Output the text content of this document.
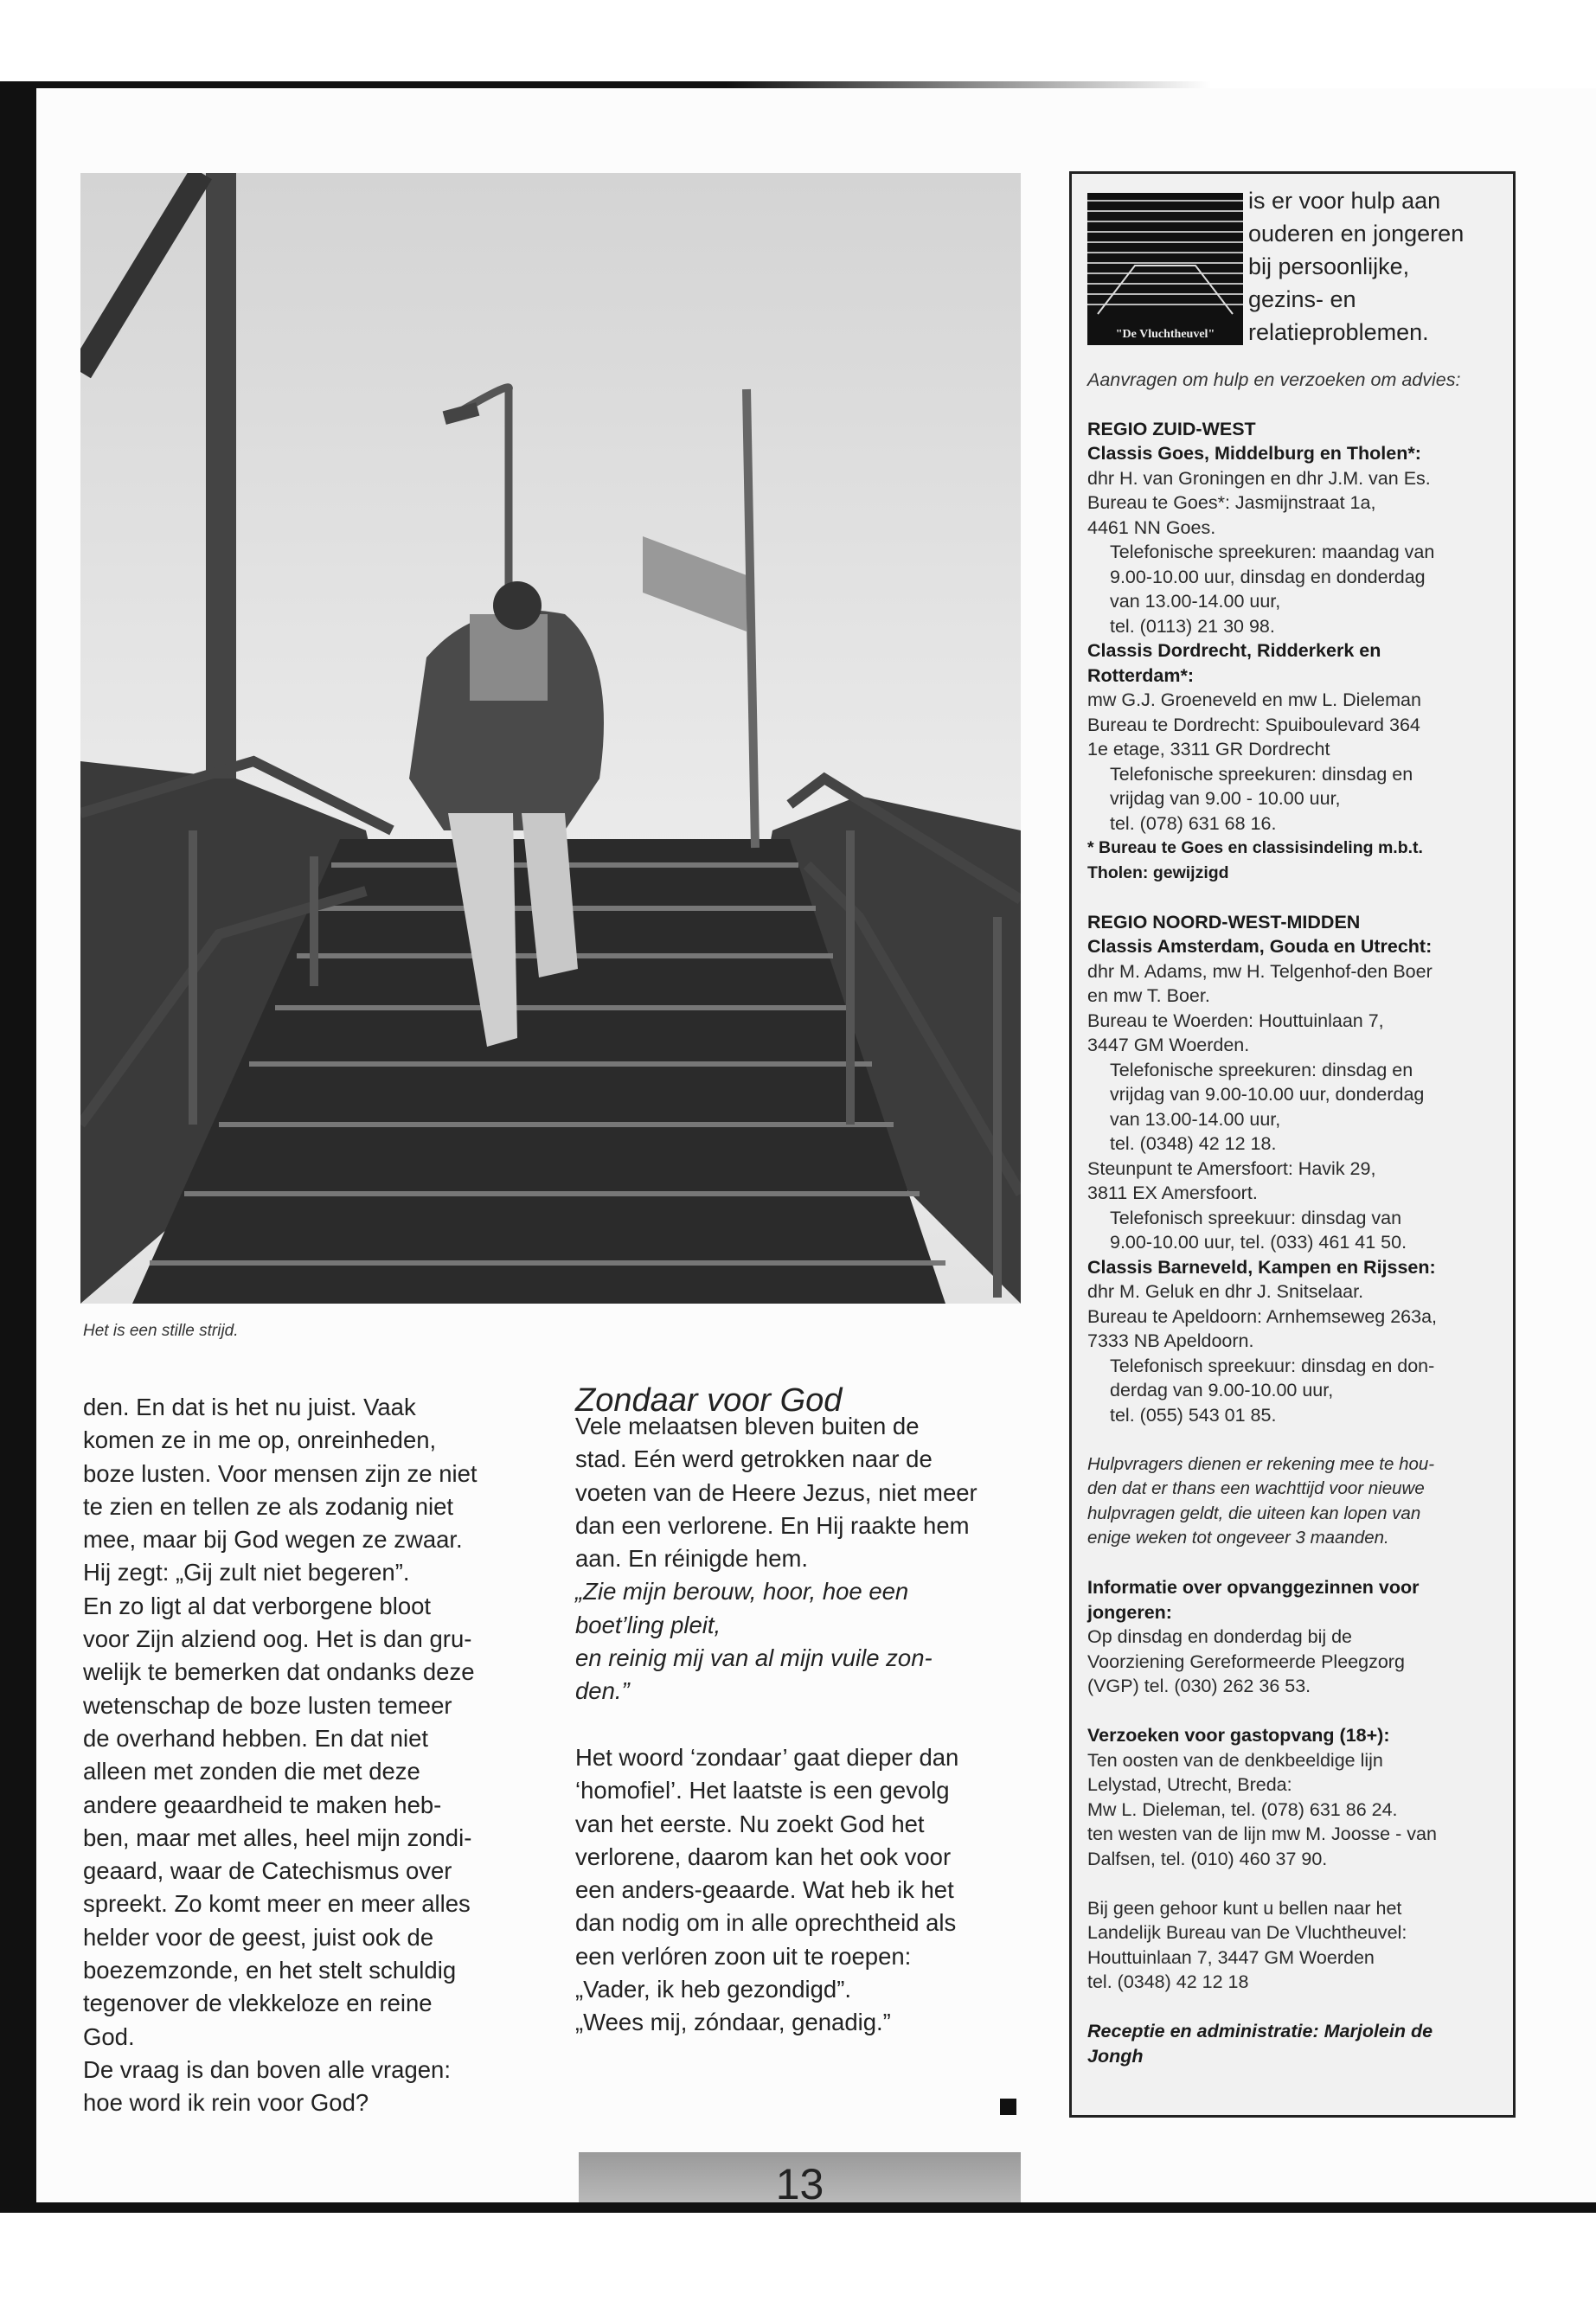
Het is een stille strijd.
den. En dat is het nu juist. Vaak
komen ze in me op, onreinheden,
boze lusten. Voor mensen zijn ze niet
te zien en tellen ze als zodanig niet
mee, maar bij God wegen ze zwaar.
Hij zegt: „Gij zult niet begeren”.
En zo ligt al dat verborgene bloot
voor Zijn alziend oog. Het is dan gru-
welijk te bemerken dat ondanks deze
wetenschap de boze lusten temeer
de overhand hebben. En dat niet
alleen met zonden die met deze
andere geaardheid te maken heb-
ben, maar met alles, heel mijn zondi-
geaard, waar de Catechismus over
spreekt. Zo komt meer en meer alles
helder voor de geest, juist ook de
boezemzonde, en het stelt schuldig
tegenover de vlekkeloze en reine
God.
De vraag is dan boven alle vragen:
hoe word ik rein voor God?
Zondaar voor God
Vele melaatsen bleven buiten de
stad. Eén werd getrokken naar de
voeten van de Heere Jezus, niet meer
dan een verlorene. En Hij raakte hem
aan. En réinigde hem.
„Zie mijn berouw, hoor, hoe een
boet’ling pleit,
en reinig mij van al mijn vuile zon-
den.”
Het woord ‘zondaar’ gaat dieper dan
‘homofiel’. Het laatste is een gevolg
van het eerste. Nu zoekt God het
verlorene, daarom kan het ook voor
een anders-geaarde. Wat heb ik het
dan nodig om in alle oprechtheid als
een verlóren zoon uit te roepen:
„Vader, ik heb gezondigd”.
„Wees mij, zóndaar, genadig.”
13
"De Vluchtheuvel"
is er voor hulp aan
ouderen en jongeren
bij persoonlijke,
gezins- en
relatieproblemen.
Aanvragen om hulp en verzoeken om advies:
REGIO ZUID-WEST
Classis Goes, Middelburg en Tholen*:
dhr H. van Groningen en dhr J.M. van Es.
Bureau te Goes*: Jasmijnstraat 1a,
4461 NN Goes.
Telefonische spreekuren: maandag van
9.00-10.00 uur, dinsdag en donderdag
van 13.00-14.00 uur,
tel. (0113) 21 30 98.
Classis Dordrecht, Ridderkerk en
Rotterdam*:
mw G.J. Groeneveld en mw L. Dieleman
Bureau te Dordrecht: Spuiboulevard 364
1e etage, 3311 GR Dordrecht
Telefonische spreekuren: dinsdag en
vrijdag van 9.00 - 10.00 uur,
tel. (078) 631 68 16.
* Bureau te Goes en classisindeling m.b.t.
Tholen: gewijzigd
REGIO NOORD-WEST-MIDDEN
Classis Amsterdam, Gouda en Utrecht:
dhr M. Adams, mw H. Telgenhof-den Boer
en mw T. Boer.
Bureau te Woerden: Houttuinlaan 7,
3447 GM Woerden.
Telefonische spreekuren: dinsdag en
vrijdag van 9.00-10.00 uur, donderdag
van 13.00-14.00 uur,
tel. (0348) 42 12 18.
Steunpunt te Amersfoort: Havik 29,
3811 EX Amersfoort.
Telefonisch spreekuur: dinsdag van
9.00-10.00 uur, tel. (033) 461 41 50.
Classis Barneveld, Kampen en Rijssen:
dhr M. Geluk en dhr J. Snitselaar.
Bureau te Apeldoorn: Arnhemseweg 263a,
7333 NB Apeldoorn.
Telefonisch spreekuur: dinsdag en don-
derdag van 9.00-10.00 uur,
tel. (055) 543 01 85.
Hulpvragers dienen er rekening mee te hou-
den dat er thans een wachttijd voor nieuwe
hulpvragen geldt, die uiteen kan lopen van
enige weken tot ongeveer 3 maanden.
Informatie over opvanggezinnen voor
jongeren:
Op dinsdag en donderdag bij de
Voorziening Gereformeerde Pleegzorg
(VGP) tel. (030) 262 36 53.
Verzoeken voor gastopvang (18+):
Ten oosten van de denkbeeldige lijn
Lelystad, Utrecht, Breda:
Mw L. Dieleman, tel. (078) 631 86 24.
ten westen van de lijn mw M. Joosse - van
Dalfsen, tel. (010) 460 37 90.
Bij geen gehoor kunt u bellen naar het
Landelijk Bureau van De Vluchtheuvel:
Houttuinlaan 7, 3447 GM Woerden
tel. (0348) 42 12 18
Receptie en administratie: Marjolein de
Jongh
